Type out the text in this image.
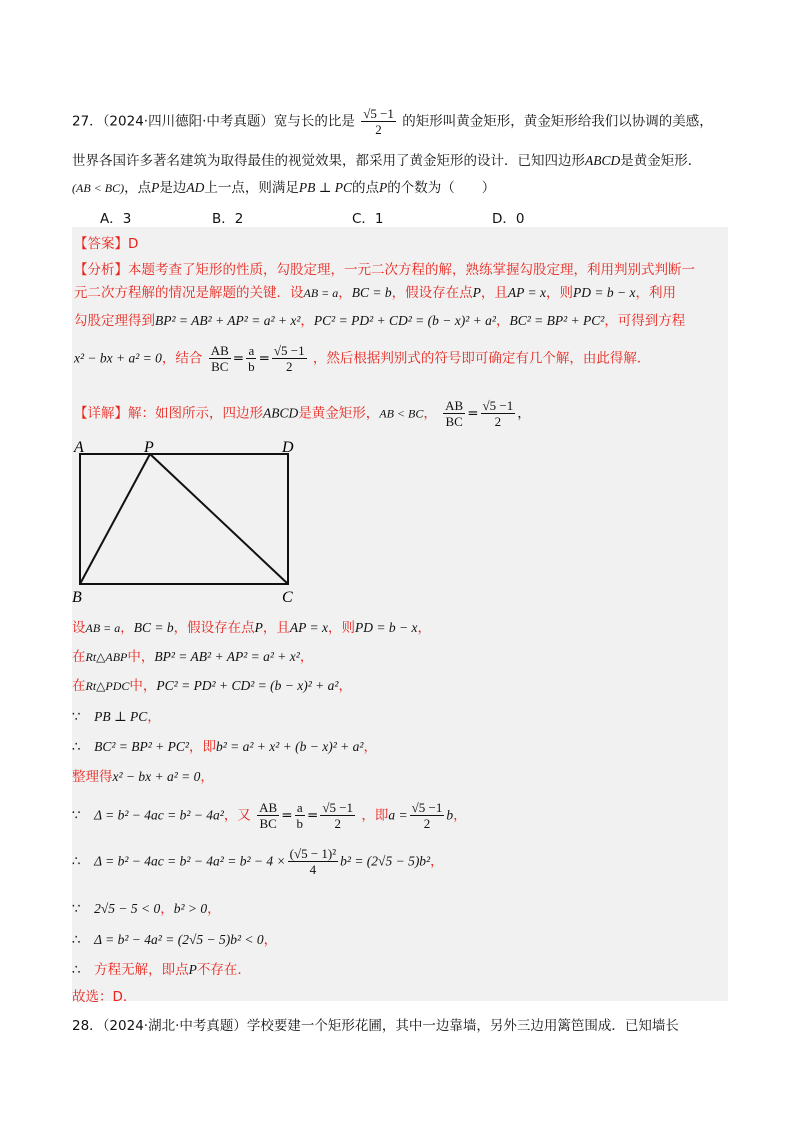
27．（2024·四川德阳·中考真题）宽与长的比是 $\frac{√5 -1}{2}$ 的矩形叫黄金矩形，黄金矩形给我们以协调的美感，
世界各国许多著名建筑为取得最佳的视觉效果，都采用了黄金矩形的设计．已知四边形ABCD是黄金矩形．
(AB < BC)，点P是边AD上一点，则满足PB ⊥ PC的点P的个数为（　　）
A．3	B．2	C．1	D．0
【答案】D
【分析】本题考查了矩形的性质，勾股定理，一元二次方程的解，熟练掌握勾股定理，利用判别式判断一
元二次方程解的情况是解题的关键．设AB = a，BC = b，假设存在点P，且AP = x，则PD = b − x，利用
勾股定理得到BP² = AB² + AP² = a² + x²，PC² = PD² + CD² = (b − x)² + a²，BC² = BP² + PC²，可得到方程
x² − bx + a² = 0，结合 $\frac{AB}{BC} = \frac{a}{b} = \frac{√5 -1}{2}$ ，然后根据判别式的符号即可确定有几个解，由此得解．
【详解】解：如图所示，四边形ABCD是黄金矩形，AB < BC， $\frac{AB}{BC} = \frac{√5 -1}{2}$ ，
A	P	D
B	C
设AB = a，BC = b，假设存在点P，且AP = x，则PD = b − x，
在Rt△ABP中，BP² = AB² + AP² = a² + x²，
在Rt△PDC中，PC² = PD² + CD² = (b − x)² + a²，
∵　 PB ⊥ PC，
∴　 BC² = BP² + PC²，即b² = a² + x² + (b − x)² + a²，
整理得x² − bx + a² = 0，
∵　 Δ = b² − 4ac = b² − 4a²，又 $\frac{AB}{BC} = \frac{a}{b} = \frac{√5 -1}{2}$ ，即$a = \frac{√5 -1}{2}$ b，
∴　 $\Delta = b^2 - 4ac = b^2 - 4a^2 = b^2 - 4 \times \frac{\text{(√5 − 1)²}}{4} b^2 = (2√5 - 5)b^2$，
∵　 2√5 − 5 < 0，b² > 0，
∴　 Δ = b² − 4a² = (2√5 − 5)b² < 0，
∴　 方程无解，即点P不存在．
故选：D．
28．（2024·湖北·中考真题）学校要建一个矩形花圃，其中一边靠墙，另外三边用篱笆围成．已知墙长
